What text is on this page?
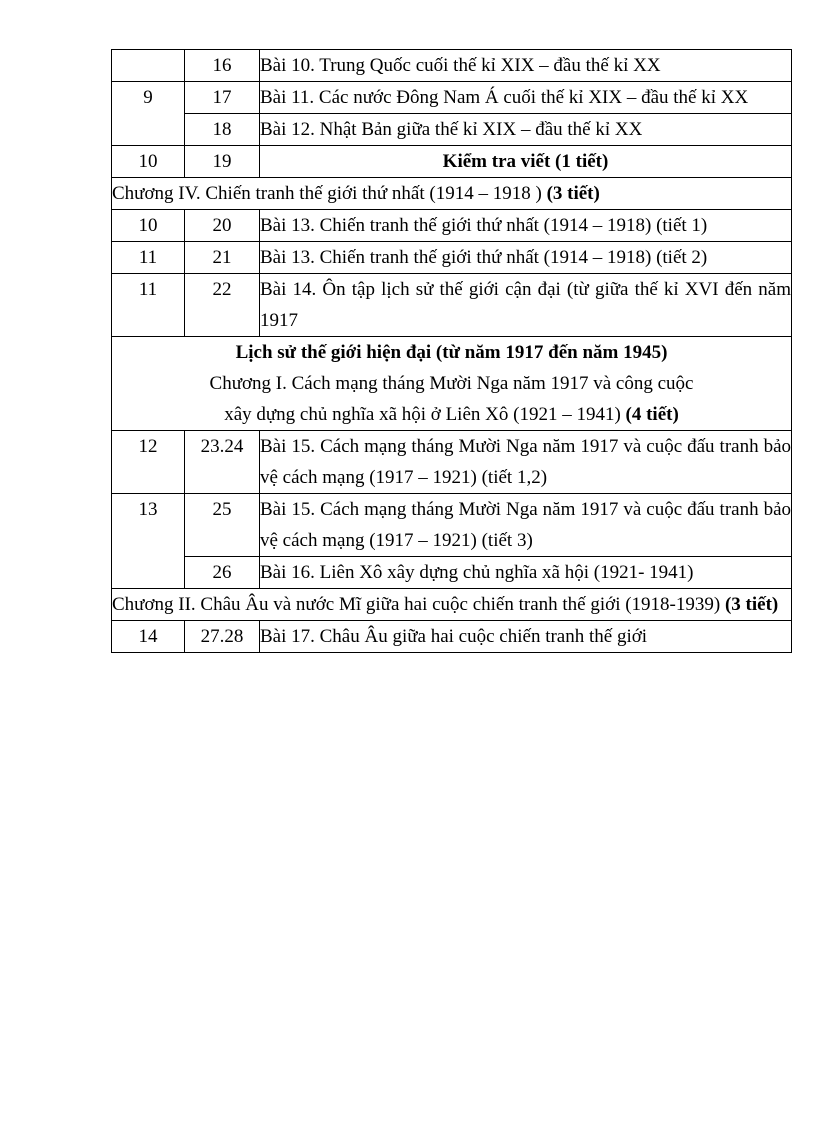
	16	Bài 10. Trung Quốc cuối thế kỉ XIX – đầu thế kỉ XX
9	17	Bài 11. Các nước Đông Nam Á cuối thế kỉ XIX – đầu thế kỉ XX
	18	Bài 12. Nhật Bản giữa thế kỉ XIX – đầu thế kỉ XX
10	19	Kiểm tra viết (1 tiết)
Chương IV. Chiến tranh thế giới thứ nhất (1914 – 1918 ) (3 tiết)		
10	20	Bài 13. Chiến tranh thế giới thứ nhất (1914 – 1918) (tiết 1)
11	21	Bài 13. Chiến tranh thế giới thứ nhất (1914 – 1918) (tiết 2)
11	22	Bài 14. Ôn tập lịch sử thế giới cận đại (từ giữa thế kỉ XVI đến năm 1917

Lịch sử thế giới hiện đại (từ năm 1917 đến năm 1945)
Chương I. Cách mạng tháng Mười Nga năm 1917 và công cuộc
xây dựng chủ nghĩa xã hội ở Liên Xô (1921 – 1941) (4 tiết)		

12	23.24	Bài 15. Cách mạng tháng Mười Nga năm 1917 và cuộc đấu tranh bảo vệ cách mạng (1917 – 1921) (tiết 1,2)
13	25	Bài 15. Cách mạng tháng Mười Nga năm 1917 và cuộc đấu tranh bảo vệ cách mạng (1917 – 1921) (tiết 3)
	26	Bài 16. Liên Xô xây dựng chủ nghĩa xã hội (1921- 1941)
Chương II. Châu Âu và nước Mĩ giữa hai cuộc chiến tranh thế giới (1918-1939) (3 tiết)		
14	27.28	Bài 17. Châu Âu giữa hai cuộc chiến tranh thế giới
